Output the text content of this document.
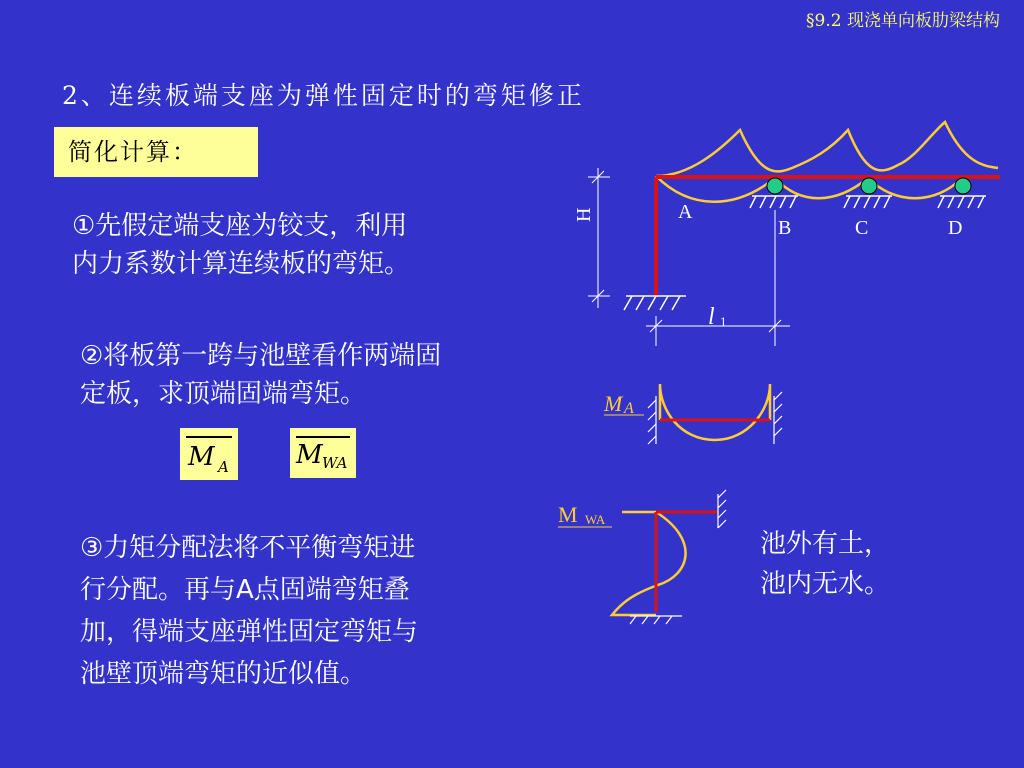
§9.2 现浇单向板肋梁结构
2、连续板端支座为弹性固定时的弯矩修正
简化计算：
①先假定端支座为铰支，利用
内力系数计算连续板的弯矩。
②将板第一跨与池壁看作两端固
定板，求顶端固端弯矩。
③力矩分配法将不平衡弯矩进
行分配。再与A点固端弯矩叠
加，得端支座弹性固定弯矩与
池壁顶端弯矩的近似值。
M A	M WA
池外有土，
池内无水。
A
B	C	D
H
l 1
M A
M WA
